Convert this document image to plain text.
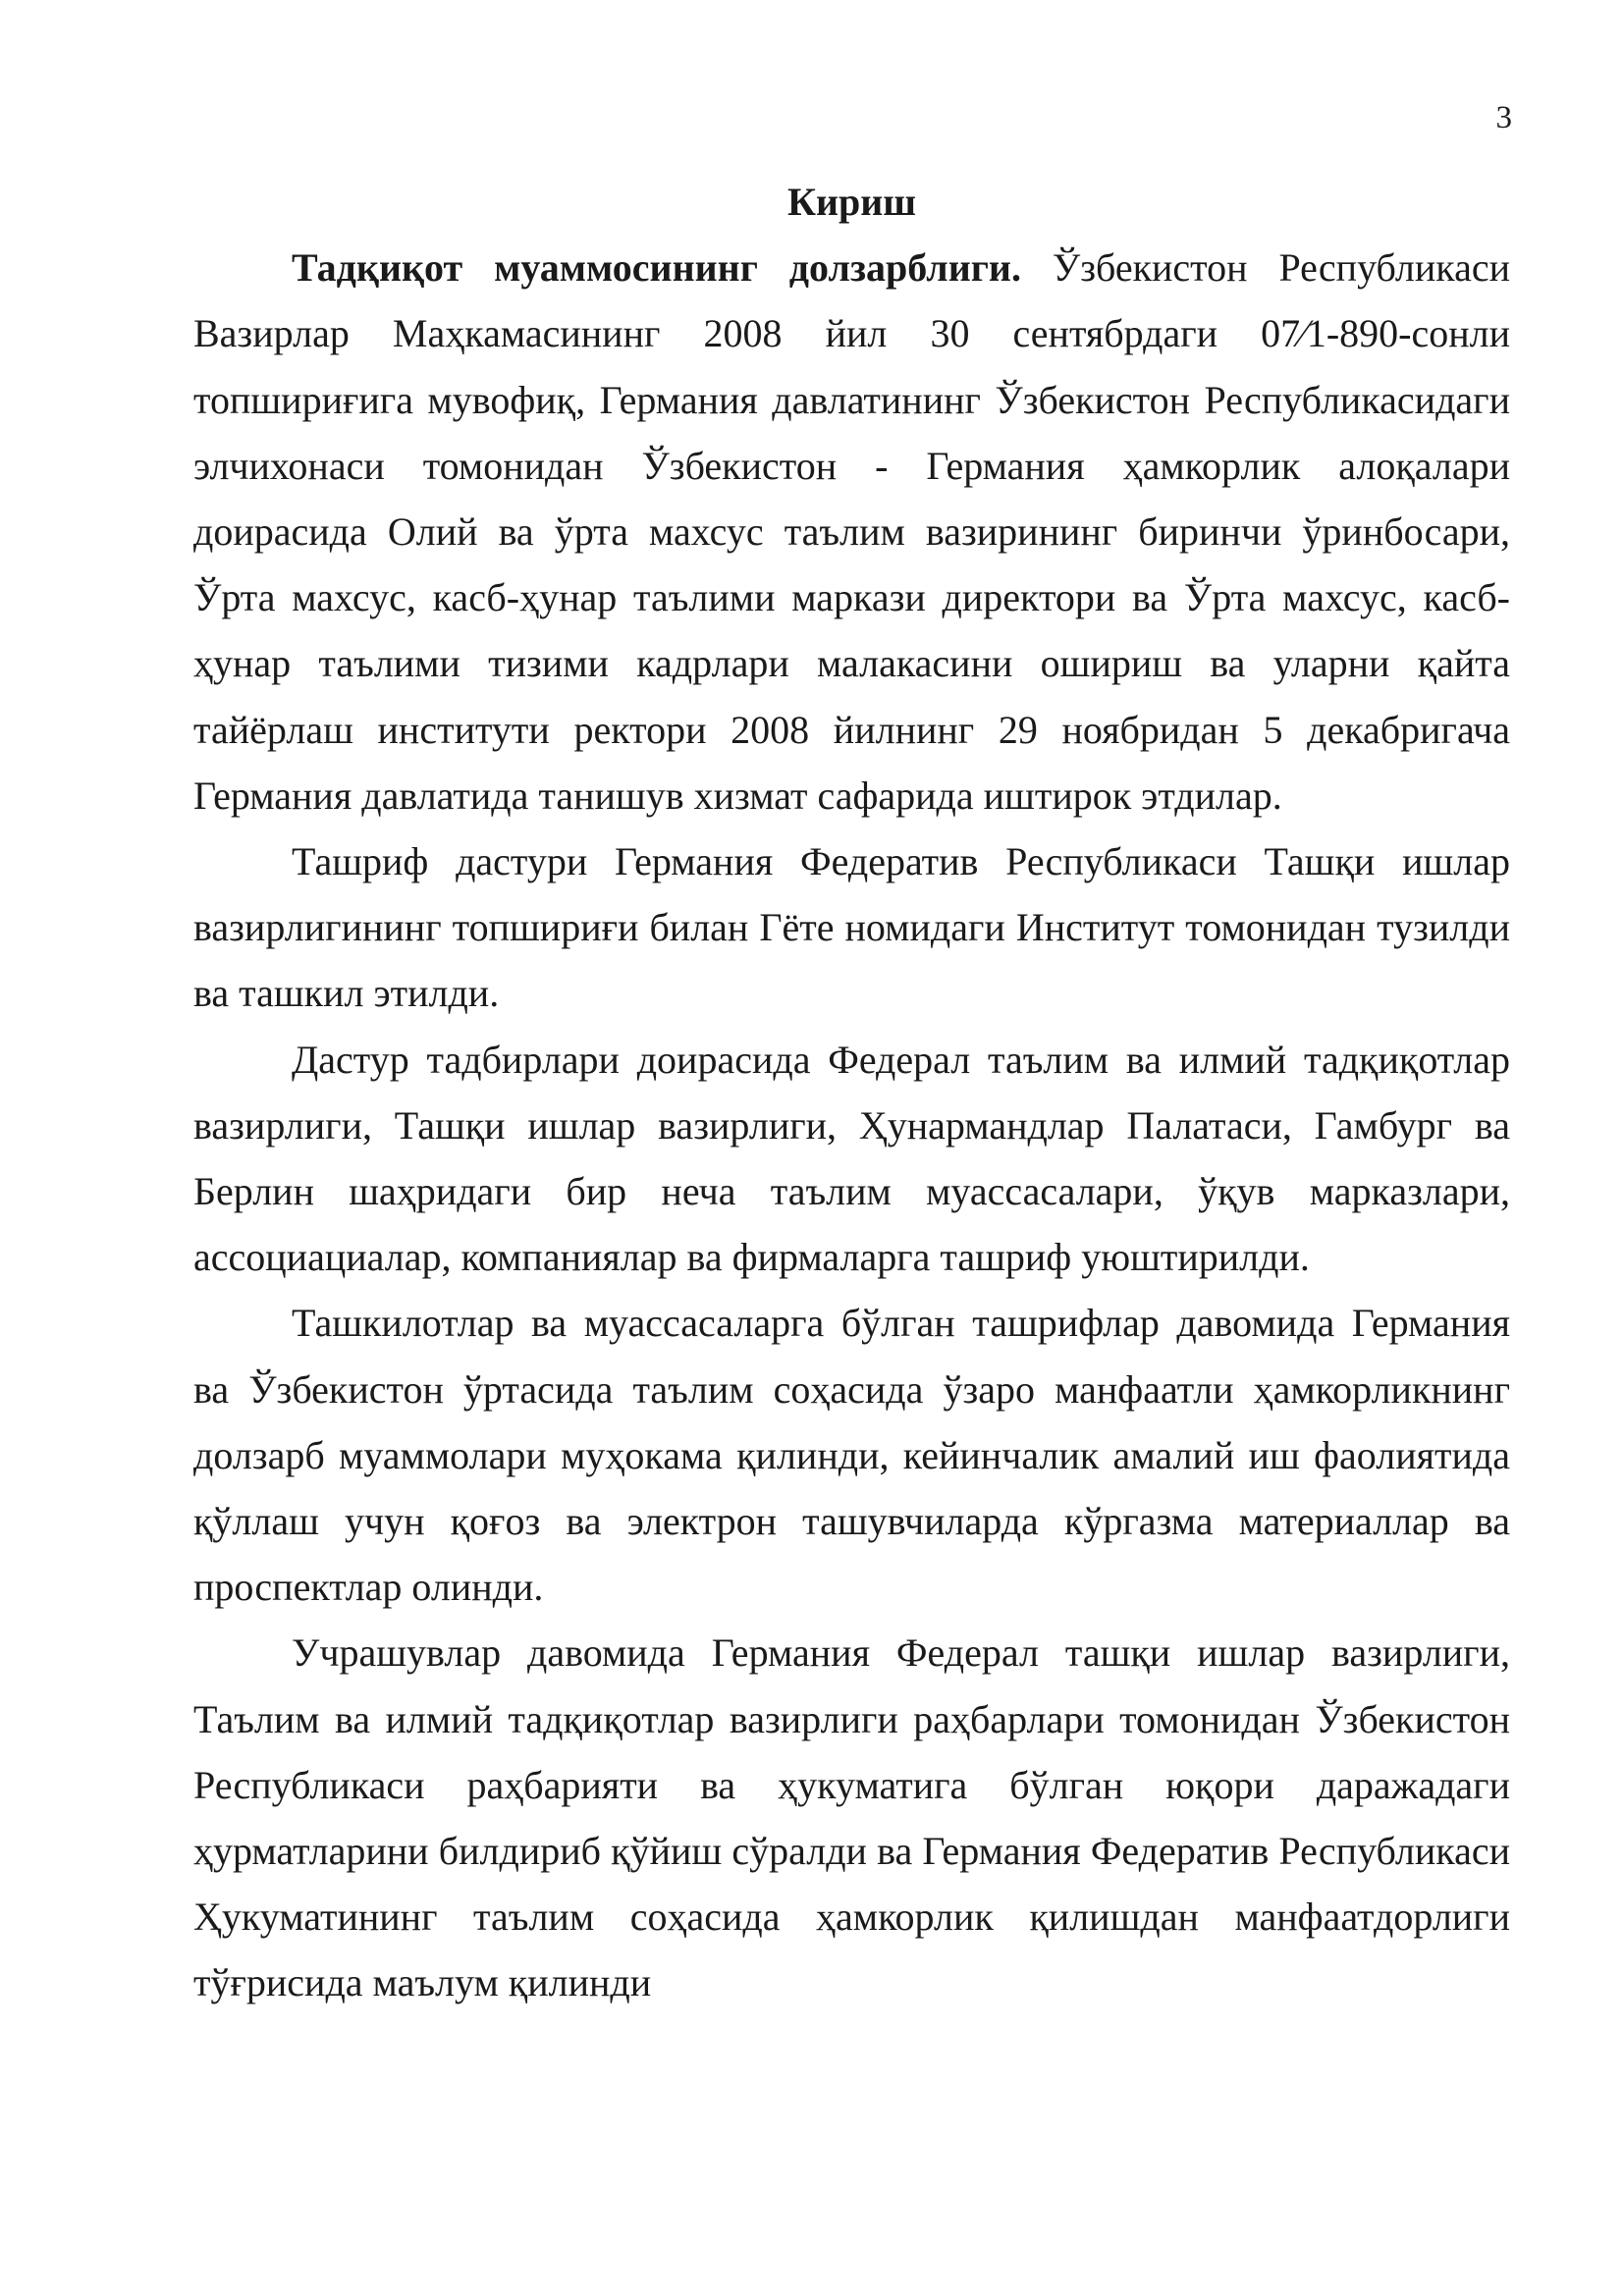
3

Кириш

Тадқиқот муаммосининг долзарблиги. Ўзбекистон Республикаси Вазирлар Маҳкамасининг 2008 йил 30 сентябрдаги 07⁄1-890-сонли топшириғига мувофиқ, Германия давлатининг Ўзбекистон Республикасидаги элчихонаси томонидан Ўзбекистон - Германия ҳамкорлик алоқалари доирасида Олий ва ўрта махсус таълим вазирининг биринчи ўринбосари, Ўрта махсус, касб-ҳунар таълими маркази директори ва Ўрта махсус, касб-ҳунар таълими тизими кадрлари малакасини ошириш ва уларни қайта тайёрлаш институти ректори 2008 йилнинг 29 ноябридан 5 декабригача Германия давлатида танишув хизмат сафарида иштирок этдилар.

Ташриф дастури Германия Федератив Республикаси Ташқи ишлар вазирлигининг топшириғи билан Гёте номидаги Институт томонидан тузилди ва ташкил этилди.

Дастур тадбирлари доирасида Федерал таълим ва илмий тадқиқотлар вазирлиги, Ташқи ишлар вазирлиги, Ҳунармандлар Палатаси, Гамбург ва Берлин шаҳридаги бир неча таълим муассасалари, ўқув марказлари, ассоциациалар, компаниялар ва фирмаларга ташриф уюштирилди.

Ташкилотлар ва муассасаларга бўлган ташрифлар давомида Германия ва Ўзбекистон ўртасида таълим соҳасида ўзаро манфаатли ҳамкорликнинг долзарб муаммолари муҳокама қилинди, кейинчалик амалий иш фаолиятида қўллаш учун қоғоз ва электрон ташувчиларда кўргазма материаллар ва проспектлар олинди.

Учрашувлар давомида Германия Федерал ташқи ишлар вазирлиги, Таълим ва илмий тадқиқотлар вазирлиги раҳбарлари томонидан Ўзбекистон Республикаси раҳбарияти ва ҳукуматига бўлган юқори даражадаги ҳурматларини билдириб қўйиш сўралди ва Германия Федератив Республикаси Ҳукуматининг таълим соҳасида ҳамкорлик қилишдан манфаатдорлиги тўғрисида маълум қилинди
